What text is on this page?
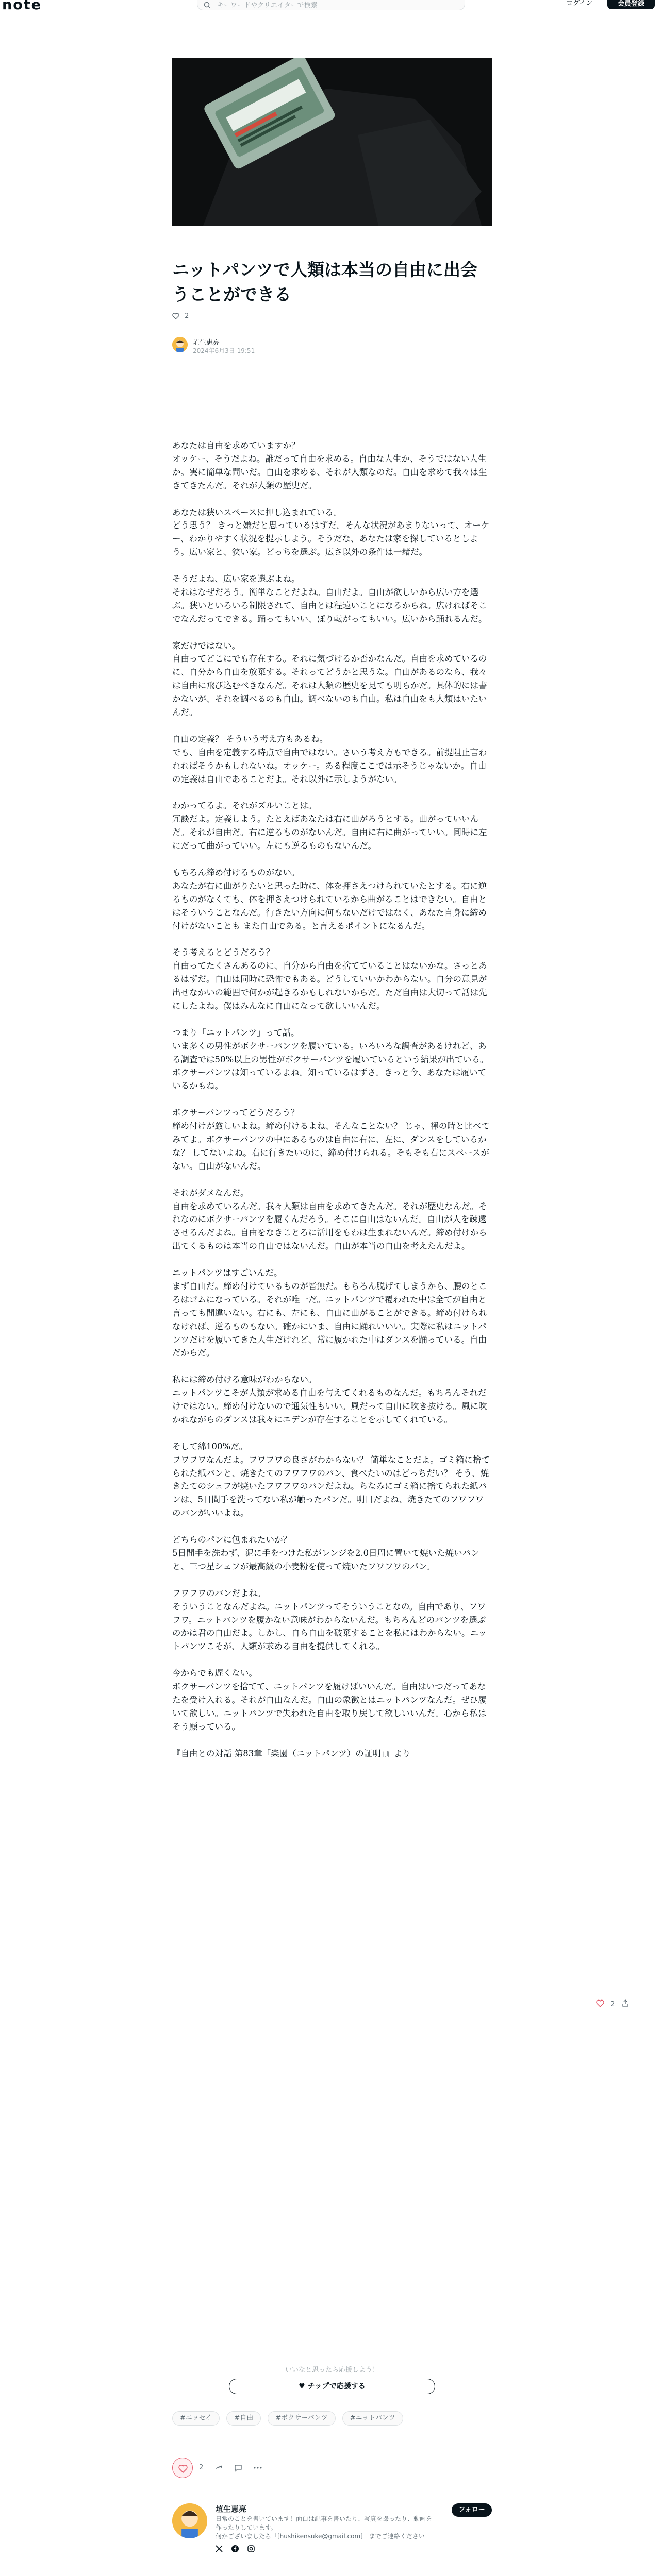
note	キーワードやクリエイターで検索	ログイン	会員登録
ニットパンツで人類は本当の自由に出会うことができる
2
埴生恵亮
2024年6月3日 19:51

あなたは自由を求めていますか？
オッケー、そうだよね。誰だって自由を求める。自由な人生か、そうではない人生か。実に簡単な問いだ。自由を求める、それが人類なのだ。自由を求めて我々は生きてきたんだ。それが人類の歴史だ。

あなたは狭いスペースに押し込まれている。
どう思う？ きっと嫌だと思っているはずだ。そんな状況があまりないって、オーケー、わかりやすく状況を提示しよう。そうだな、あなたは家を探しているとしよう。広い家と、狭い家。どっちを選ぶ。広さ以外の条件は一緒だ。

そうだよね、広い家を選ぶよね。
それはなぜだろう。簡単なことだよね。自由だよ。自由が欲しいから広い方を選ぶ。狭いといろいろ制限されて、自由とは程遠いことになるからね。広ければそこでなんだってできる。踊ってもいい、ぼり転がってもいい。広いから踊れるんだ。

家だけではない。
自由ってどこにでも存在する。それに気づけるか否かなんだ。自由を求めているのに、自分から自由を放棄する。それってどうかと思うな。自由があるのなら、我々は自由に飛び込むべきなんだ。それは人類の歴史を見ても明らかだ。具体的には書かないが、それを調べるのも自由。調べないのも自由。私は自由をも人類はいたいんだ。

自由の定義？ そういう考え方もあるね。
でも、自由を定義する時点で自由ではない。さいう考え方もできる。前提阻止言われればそうかもしれないね。オッケー。ある程度ここでは示そうじゃないか。自由の定義は自由であることだよ。それ以外に示しようがない。

わかってるよ。それがズルいことは。
冗談だよ。定義しよう。たとえばあなたは右に曲がろうとする。曲がっていいんだ。それが自由だ。右に逆るものがないんだ。自由に右に曲がっていい。同時に左にだって曲がっていい。左にも逆るものもないんだ。

もちろん締め付けるものがない。
あなたが右に曲がりたいと思った時に、体を押さえつけられていたとする。右に逆るものがなくても、体を押さえつけられているから曲がることはできない。自由とはそういうことなんだ。行きたい方向に何もないだけではなく、あなた自身に締め付けがないことも また自由である。と言えるポイントになるんだ。

そう考えるとどうだろう？
自由ってたくさんあるのに、自分から自由を捨てていることはないかな。さっとあるはずだ。自由は同時に恐怖でもある。どうしていいかわからない。自分の意見が出せなかいの範囲で何かが起きるかもしれないからだ。ただ自由は大切って話は先にしたよね。僕はみんなに自由になって欲しいいんだ。

つまり「ニットパンツ」って話。
いま多くの男性がボクサーパンツを履いている。いろいろな調査があるけれど、ある調査では50%以上の男性がボクサーパンツを履いているという結果が出ている。ボクサーパンツは知っているよね。知っているはずさ。きっと今、あなたは履いているかもね。

ボクサーパンツってどうだろう？
締め付けが厳しいよね。締め付けるよね、そんなことない？ じゃ、褌の時と比べてみてよ。ボクサーパンツの中にあるものは自由に右に、左に、ダンスをしているかな？ してないよね。右に行きたいのに、締め付けられる。そもそも右にスペースがない。自由がないんだ。

それがダメなんだ。
自由を求めているんだ。我々人類は自由を求めてきたんだ。それが歴史なんだ。それなのにボクサーパンツを履くんだろう。そこに自由はないんだ。自由が人を疎遠させるんだよね。自由をなきことろに活用をもわは生まれないんだ。締め付けから出てくるものは本当の自由ではないんだ。自由が本当の自由を考えたんだよ。

ニットパンツはすごいんだ。
まず自由だ。締め付けているものが皆無だ。もちろん脱げてしまうから、腰のところはゴムになっている。それが唯一だ。ニットパンツで覆われた中は全てが自由と言っても間違いない。右にも、左にも、自由に曲がることができる。締め付けられなければ、逆るものもない。確かにいま、自由に踊れいいい。実際に私はニットパンツだけを履いてきた人生だけれど、常に履かれた中はダンスを踊っている。自由だからだ。

私には締め付ける意味がわからない。
ニットパンツこそが人類が求める自由を与えてくれるものなんだ。もちろんそれだけではない。締め付けないので通気性もいい。風だって自由に吹き抜ける。風に吹かれながらのダンスは我々にエデンが存在することを示してくれている。

そして綿100%だ。
フワフワなんだよ。フワフワの良さがわからない？ 簡単なことだよ。ゴミ箱に捨てられた紙パンと、焼きたてのフワフワのパン、食べたいのはどっちだい？ そう、焼きたてのシェフが焼いたフワフワのパンだよね。ちなみにゴミ箱に捨てられた紙パンは、5日間手を洗ってない私が触ったパンだ。明日だよね、焼きたてのフワフワのパンがいいよね。

どちらのパンに包まれたいか？
5日間手を洗わず、泥に手をつけた私がレンジを2.0日周に置いて焼いた焼いパンと、三つ星シェフが最高級の小麦粉を使って焼いたフワフワのパン。

フワフワのパンだよね。
そういうことなんだよね。ニットパンツってそういうことなの。自由であり、フワフワ。ニットパンツを履かない意味がわからないんだ。もちろんどのパンツを選ぶのかは君の自由だよ。しかし、自ら自由を破棄することを私にはわからない。ニットパンツこそが、人類が求める自由を提供してくれる。

今からでも遅くない。
ボクサーパンツを捨てて、ニットパンツを履けばいいんだ。自由はいつだってあなたを受け入れる。それが自由なんだ。自由の象徴とはニットパンツなんだ。ぜひ履いて欲しい。ニットパンツで失われた自由を取り戻して欲しいいんだ。心から私はそう願っている。

『自由との対話 第83章「楽園（ニットパンツ）の証明」』より

2
いいなと思ったら応援しよう！
♥ チップで応援する
#エッセイ	#自由	#ボクサーパンツ	#ニットパンツ
2
埴生恵亮
日常のことを書いています！面白は記事を書いたり、写真を撮ったり、動画を作ったりしています。
何かございましたら「[hushikensuke@gmail.com]」までご連絡ください
フォロー
